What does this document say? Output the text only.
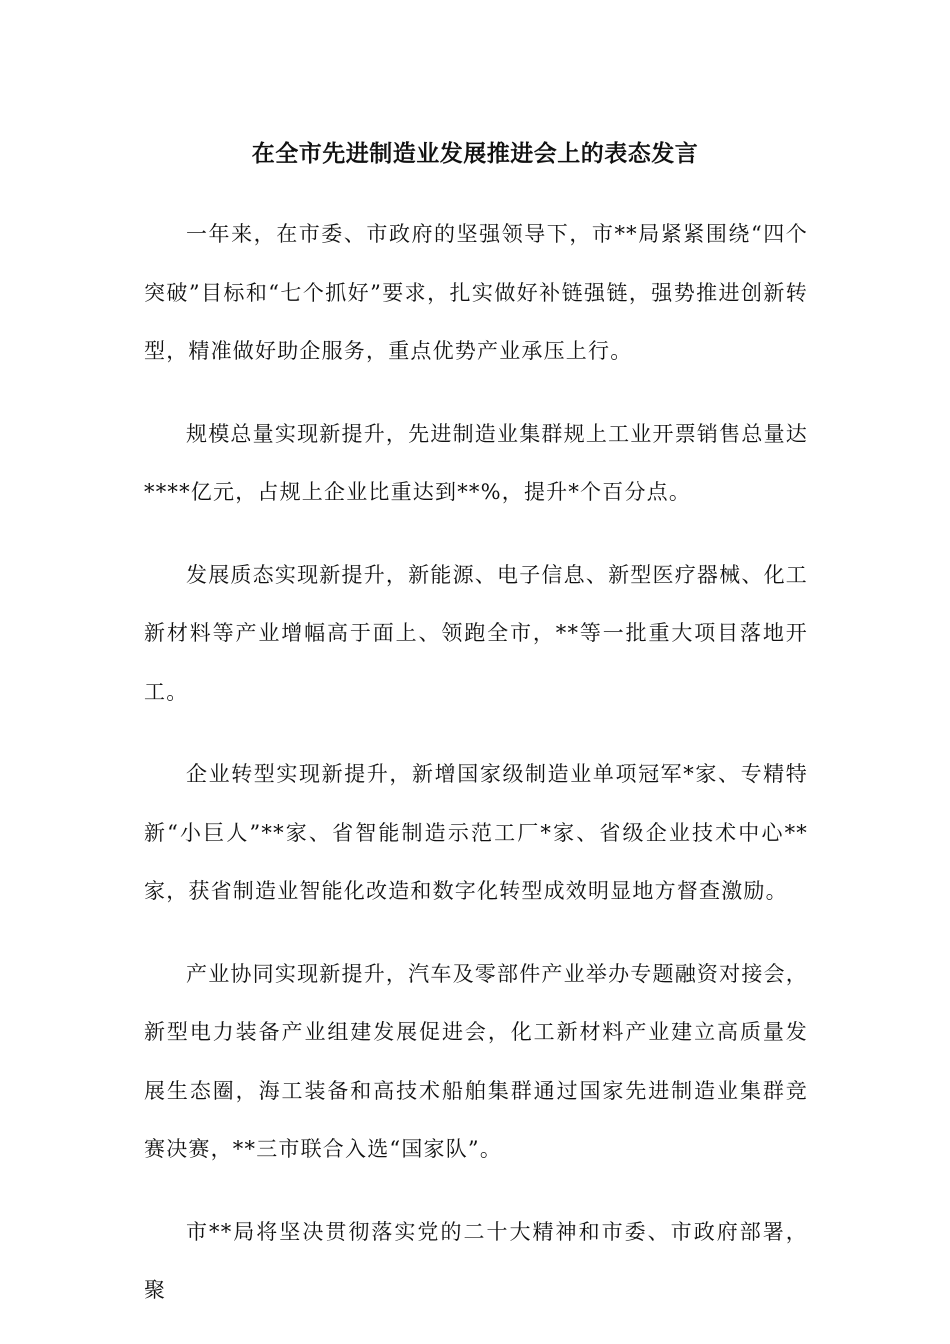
在全市先进制造业发展推进会上的表态发言

一年来，在市委、市政府的坚强领导下，市**局紧紧围绕“四个突破”目标和“七个抓好”要求，扎实做好补链强链，强势推进创新转型，精准做好助企服务，重点优势产业承压上行。

规模总量实现新提升，先进制造业集群规上工业开票销售总量达****亿元，占规上企业比重达到**%，提升*个百分点。

发展质态实现新提升，新能源、电子信息、新型医疗器械、化工新材料等产业增幅高于面上、领跑全市，**等一批重大项目落地开工。

企业转型实现新提升，新增国家级制造业单项冠军*家、专精特新“小巨人”**家、省智能制造示范工厂*家、省级企业技术中心**家，获省制造业智能化改造和数字化转型成效明显地方督查激励。

产业协同实现新提升，汽车及零部件产业举办专题融资对接会，新型电力装备产业组建发展促进会，化工新材料产业建立高质量发展生态圈，海工装备和高技术船舶集群通过国家先进制造业集群竞赛决赛，**三市联合入选“国家队”。

市**局将坚决贯彻落实党的二十大精神和市委、市政府部署，聚
